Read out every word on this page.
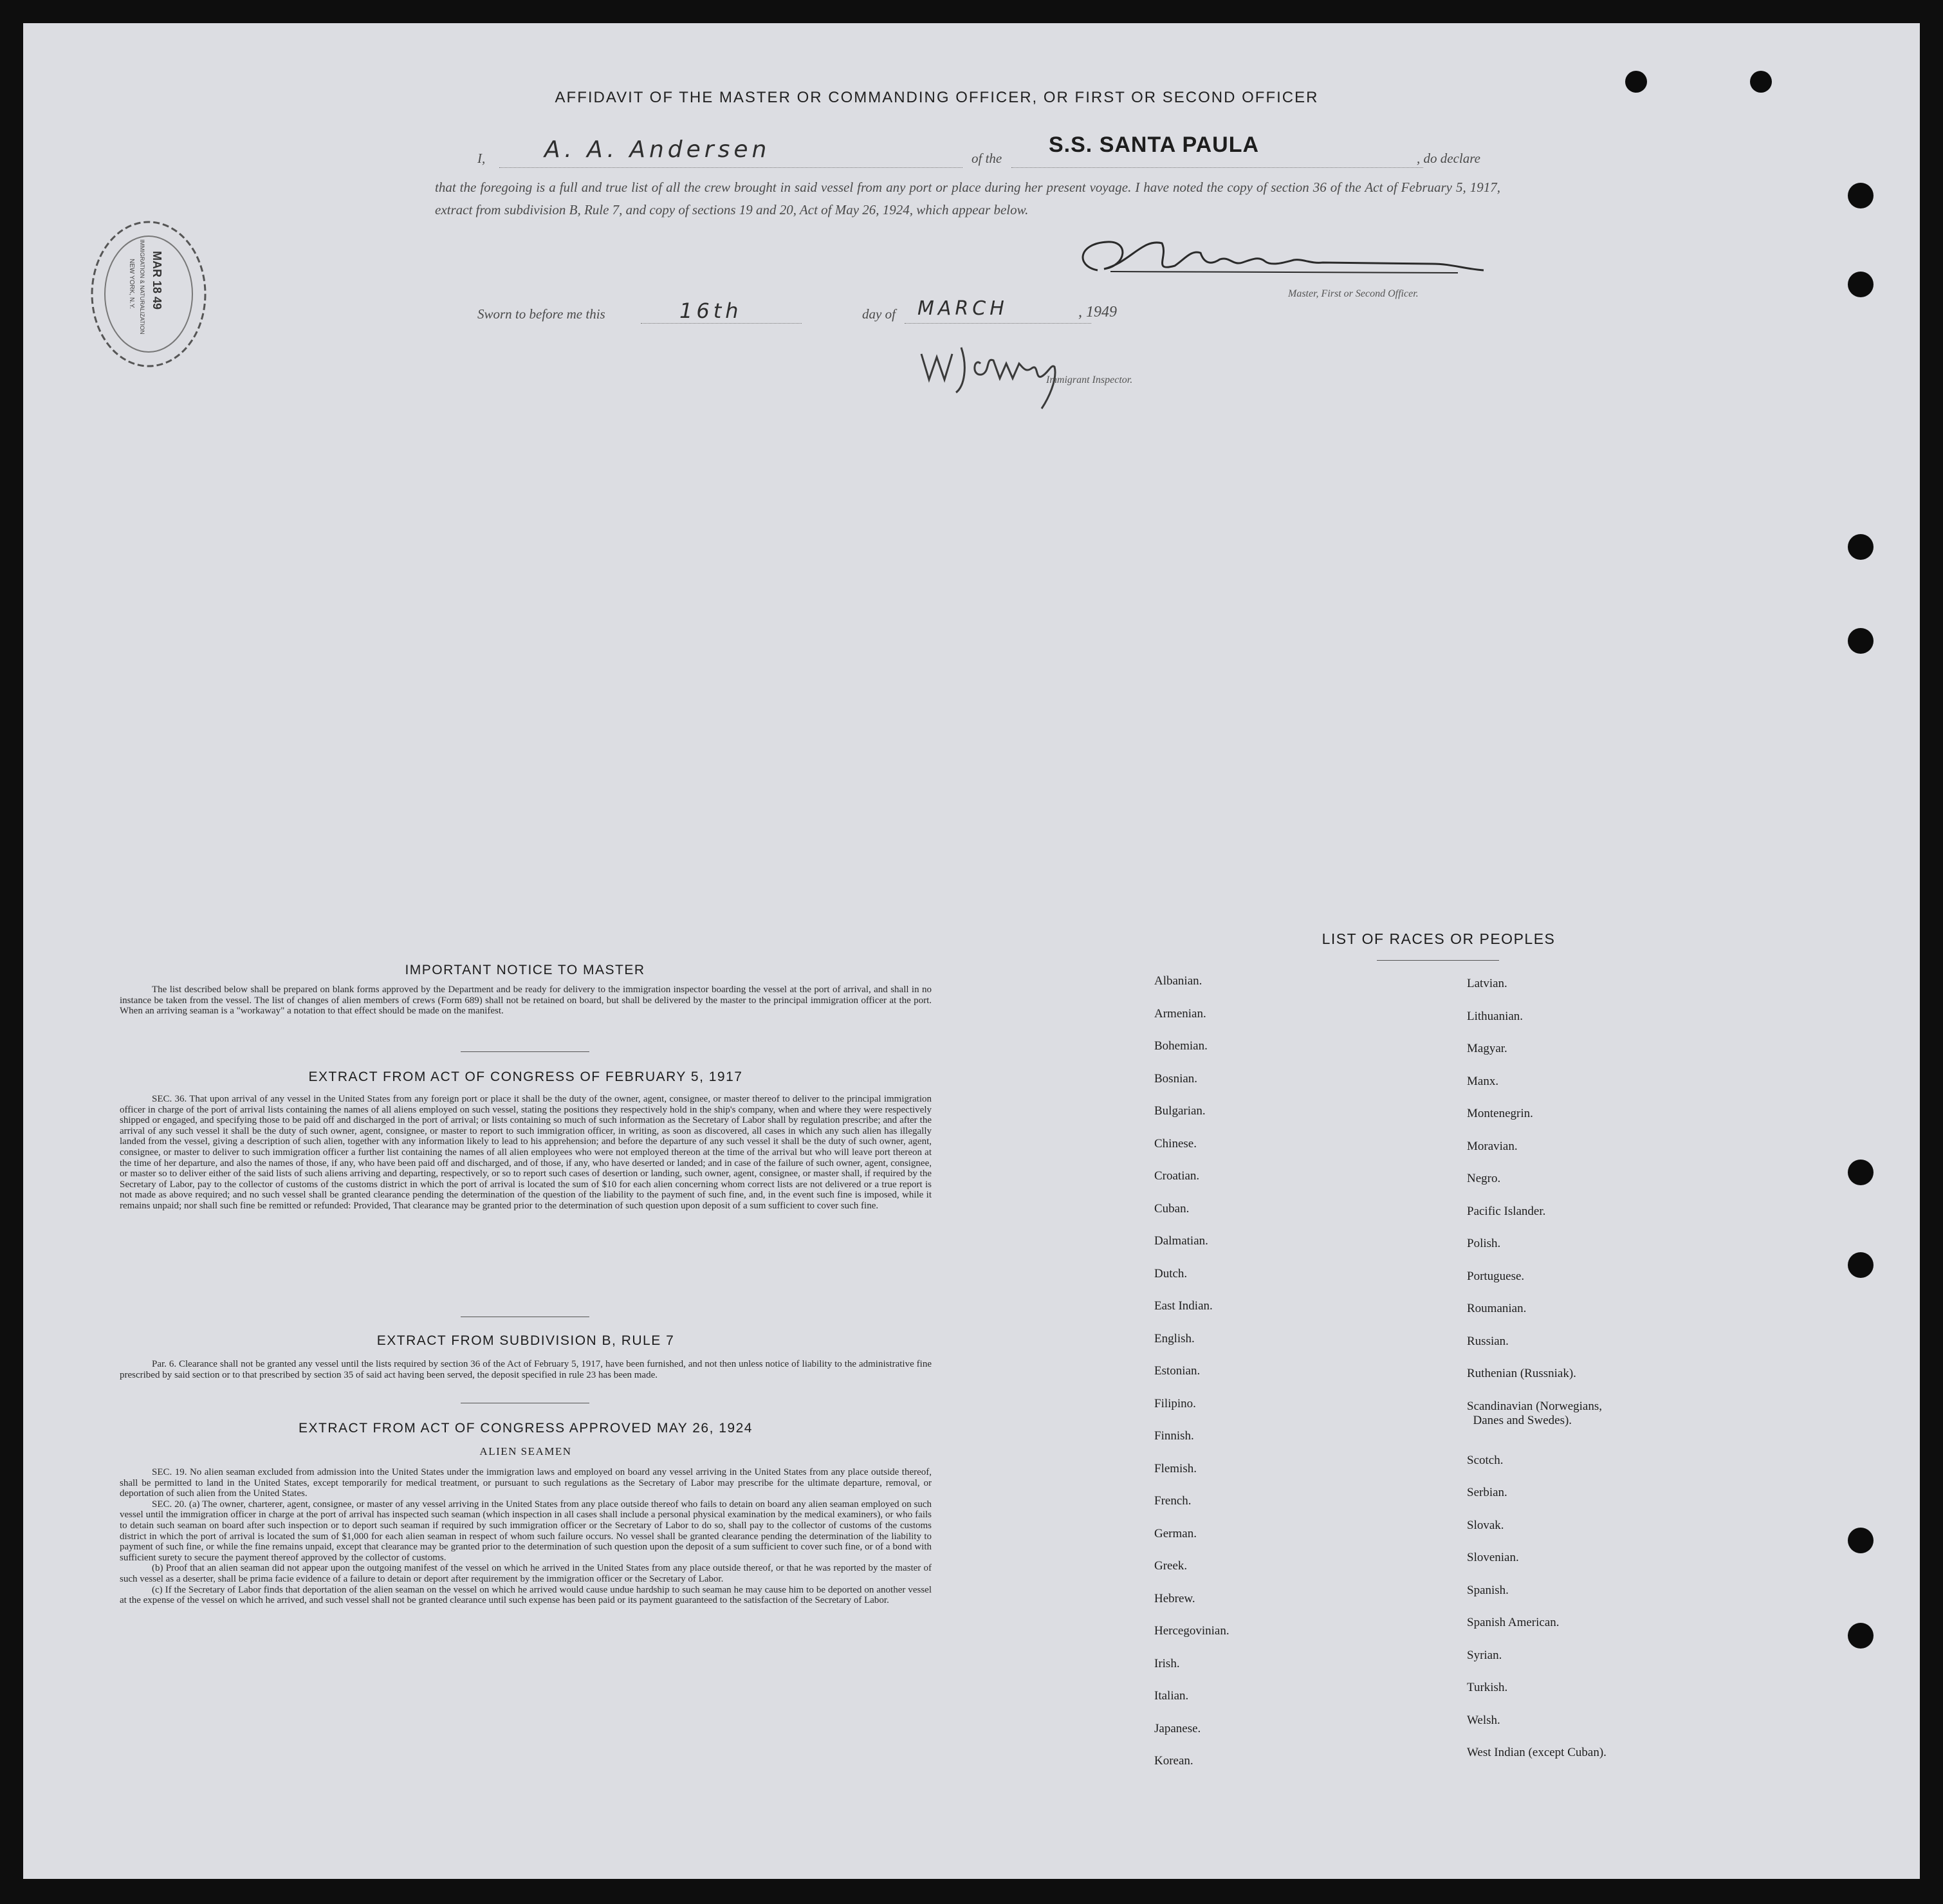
AFFIDAVIT OF THE MASTER OR COMMANDING OFFICER, OR FIRST OR SECOND OFFICER
I,	A. A. Andersen	of the
S.S. SANTA PAULA
, do declare
that the foregoing is a full and true list of all the crew brought in said vessel from any port or place during her present voyage. I have noted the copy of section 36 of the Act of February 5, 1917, extract from subdivision B, Rule 7, and copy of sections 19 and 20, Act of May 26, 1924, which appear below.
Master, First or Second Officer.
Sworn to before me this	16th	day of MARCH	, 1949
Immigrant Inspector.
MAR 18 49
IMMIGRATION & NATURALIZATION
NEW YORK, N.Y.
IMPORTANT NOTICE TO MASTER

The list described below shall be prepared on blank forms approved by the Department and be ready for delivery to the immigration inspector boarding the vessel at the port of arrival, and shall in no instance be taken from the vessel. The list of changes of alien members of crews (Form 689) shall not be retained on board, but shall be delivered by the master to the principal immigration officer at the port. When an arriving seaman is a "workaway" a notation to that effect should be made on the manifest.

EXTRACT FROM ACT OF CONGRESS OF FEBRUARY 5, 1917

SEC. 36. That upon arrival of any vessel in the United States from any foreign port or place it shall be the duty of the owner, agent, consignee, or master thereof to deliver to the principal immigration officer in charge of the port of arrival lists containing the names of all aliens employed on such vessel, stating the positions they respectively hold in the ship's company, when and where they were respectively shipped or engaged, and specifying those to be paid off and discharged in the port of arrival; or lists containing so much of such information as the Secretary of Labor shall by regulation prescribe; and after the arrival of any such vessel it shall be the duty of such owner, agent, consignee, or master to report to such immigration officer, in writing, as soon as discovered, all cases in which any such alien has illegally landed from the vessel, giving a description of such alien, together with any information likely to lead to his apprehension; and before the departure of any such vessel it shall be the duty of such owner, agent, consignee, or master to deliver to such immigration officer a further list containing the names of all alien employees who were not employed thereon at the time of the arrival but who will leave port thereon at the time of her departure, and also the names of those, if any, who have been paid off and discharged, and of those, if any, who have deserted or landed; and in case of the failure of such owner, agent, consignee, or master so to deliver either of the said lists of such aliens arriving and departing, respectively, or so to report such cases of desertion or landing, such owner, agent, consignee, or master shall, if required by the Secretary of Labor, pay to the collector of customs of the customs district in which the port of arrival is located the sum of $10 for each alien concerning whom correct lists are not delivered or a true report is not made as above required; and no such vessel shall be granted clearance pending the determination of the question of the liability to the payment of such fine, and, in the event such fine is imposed, while it remains unpaid; nor shall such fine be remitted or refunded: Provided, That clearance may be granted prior to the determination of such question upon deposit of a sum sufficient to cover such fine.

EXTRACT FROM SUBDIVISION B, RULE 7

Par. 6. Clearance shall not be granted any vessel until the lists required by section 36 of the Act of February 5, 1917, have been furnished, and not then unless notice of liability to the administrative fine prescribed by said section or to that prescribed by section 35 of said act having been served, the deposit specified in rule 23 has been made.

EXTRACT FROM ACT OF CONGRESS APPROVED MAY 26, 1924
ALIEN SEAMEN

SEC. 19. No alien seaman excluded from admission into the United States under the immigration laws and employed on board any vessel arriving in the United States from any place outside thereof, shall be permitted to land in the United States, except temporarily for medical treatment, or pursuant to such regulations as the Secretary of Labor may prescribe for the ultimate departure, removal, or deportation of such alien from the United States.

SEC. 20. (a) The owner, charterer, agent, consignee, or master of any vessel arriving in the United States from any place outside thereof who fails to detain on board any alien seaman employed on such vessel until the immigration officer in charge at the port of arrival has inspected such seaman (which inspection in all cases shall include a personal physical examination by the medical examiners), or who fails to detain such seaman on board after such inspection or to deport such seaman if required by such immigration officer or the Secretary of Labor to do so, shall pay to the collector of customs of the customs district in which the port of arrival is located the sum of $1,000 for each alien seaman in respect of whom such failure occurs. No vessel shall be granted clearance pending the determination of the liability to payment of such fine, or while the fine remains unpaid, except that clearance may be granted prior to the determination of such question upon the deposit of a sum sufficient to cover such fine, or of a bond with sufficient surety to secure the payment thereof approved by the collector of customs.

(b) Proof that an alien seaman did not appear upon the outgoing manifest of the vessel on which he arrived in the United States from any place outside thereof, or that he was reported by the master of such vessel as a deserter, shall be prima facie evidence of a failure to detain or deport after requirement by the immigration officer or the Secretary of Labor.

(c) If the Secretary of Labor finds that deportation of the alien seaman on the vessel on which he arrived would cause undue hardship to such seaman he may cause him to be deported on another vessel at the expense of the vessel on which he arrived, and such vessel shall not be granted clearance until such expense has been paid or its payment guaranteed to the satisfaction of the Secretary of Labor.

LIST OF RACES OR PEOPLES
Albanian.
Armenian.
Bohemian.
Bosnian.
Bulgarian.
Chinese.
Croatian.
Cuban.
Dalmatian.
Dutch.
East Indian.
English.
Estonian.
Filipino.
Finnish.
Flemish.
French.
German.
Greek.
Hebrew.
Hercegovinian.
Irish.
Italian.
Japanese.
Korean.
Latvian.
Lithuanian.
Magyar.
Manx.
Montenegrin.
Moravian.
Negro.
Pacific Islander.
Polish.
Portuguese.
Roumanian.
Russian.
Ruthenian (Russniak).
Scandinavian (Norwegians,
Danes and Swedes).
Scotch.
Serbian.
Slovak.
Slovenian.
Spanish.
Spanish American.
Syrian.
Turkish.
Welsh.
West Indian (except Cuban).
